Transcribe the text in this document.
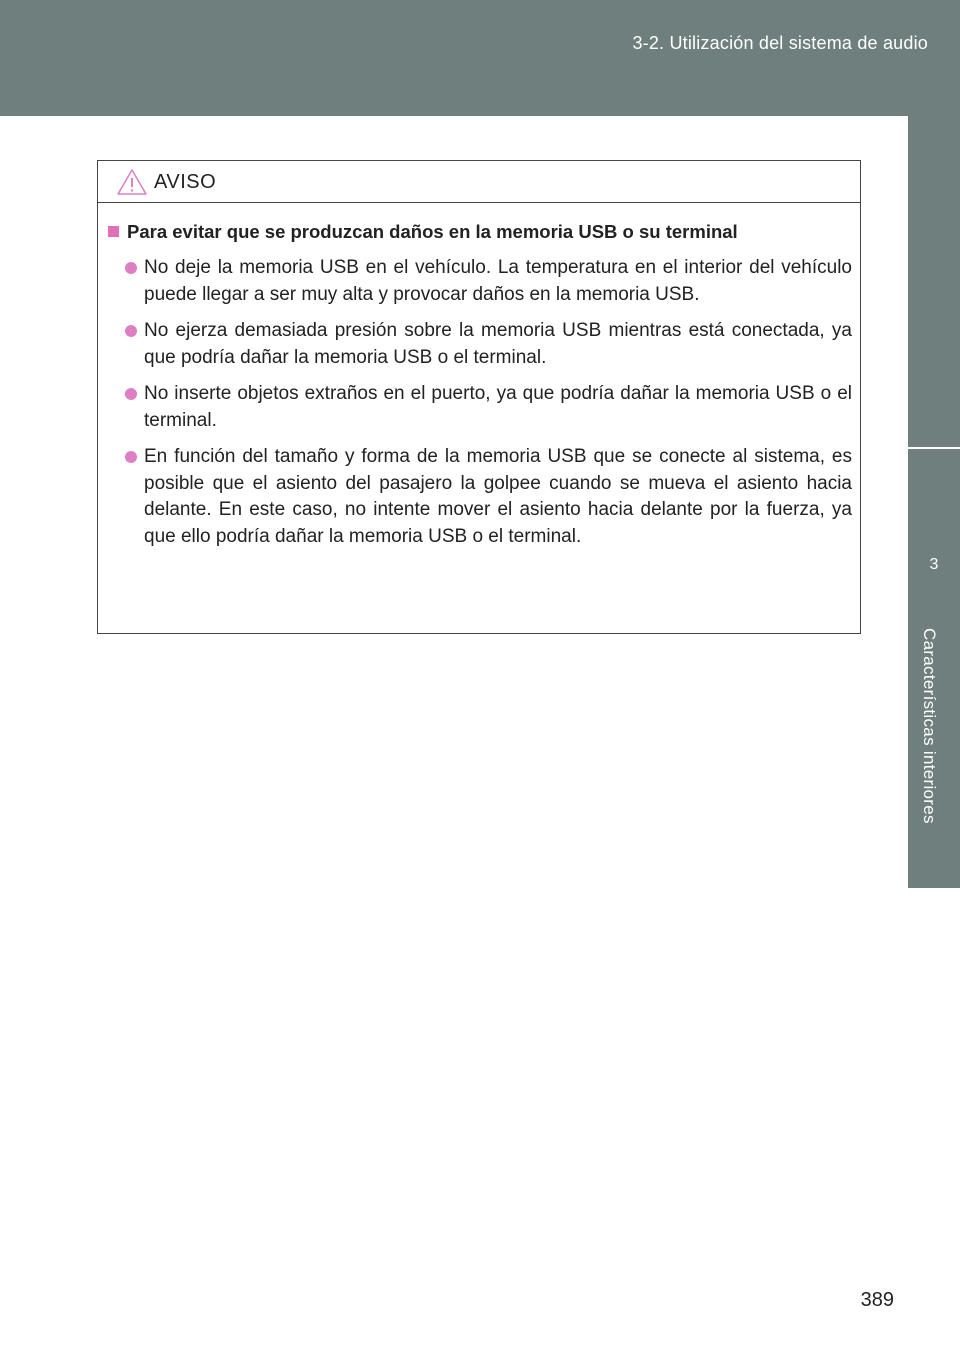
3-2. Utilización del sistema de audio
3
Características interiores
AVISO
Para evitar que se produzcan daños en la memoria USB o su terminal
No deje la memoria USB en el vehículo. La temperatura en el interior del vehículo puede llegar a ser muy alta y provocar daños en la memoria USB.
No ejerza demasiada presión sobre la memoria USB mientras está conectada, ya que podría dañar la memoria USB o el terminal.
No inserte objetos extraños en el puerto, ya que podría dañar la memoria USB o el terminal.
En función del tamaño y forma de la memoria USB que se conecte al sistema, es posible que el asiento del pasajero la golpee cuando se mueva el asiento hacia delante. En este caso, no intente mover el asiento hacia delante por la fuerza, ya que ello podría dañar la memoria USB o el terminal.
389
